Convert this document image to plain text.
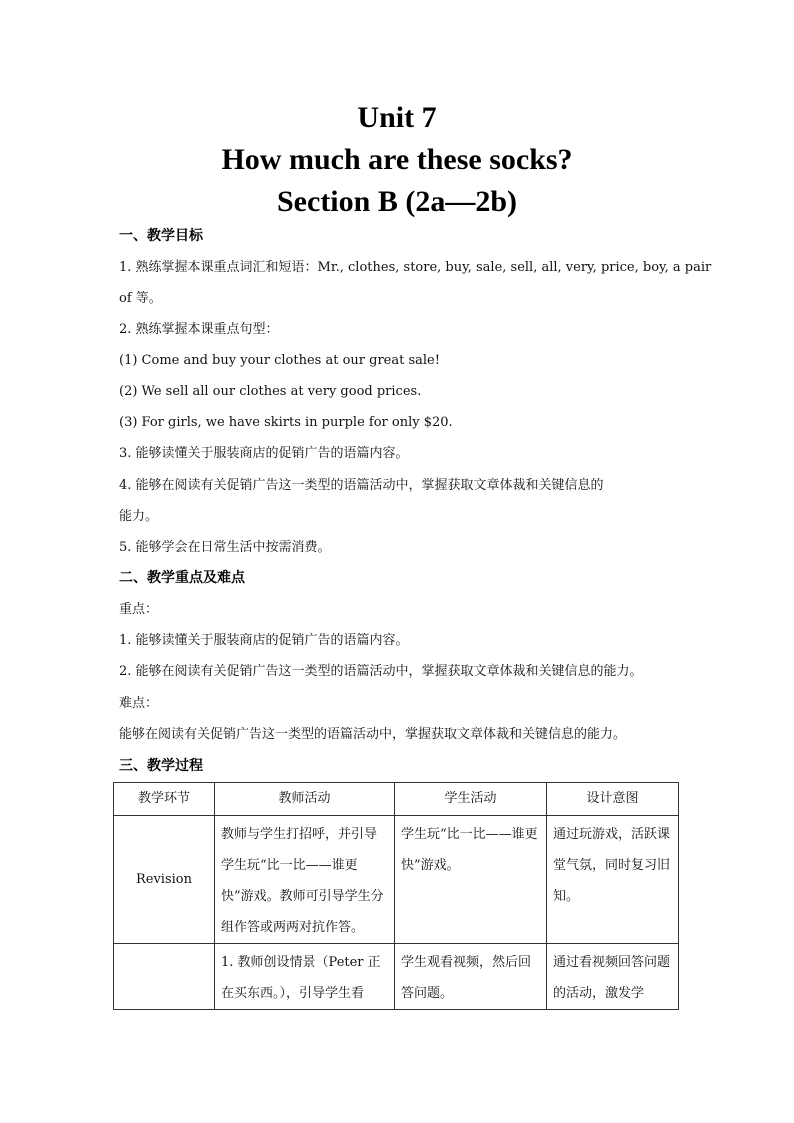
Unit 7
How much are these socks?
Section B (2a—2b)
一、教学目标
1. 熟练掌握本课重点词汇和短语：Mr., clothes, store, buy, sale, sell, all, very, price, boy, a pair
of 等。
2. 熟练掌握本课重点句型：
(1) Come and buy your clothes at our great sale!
(2) We sell all our clothes at very good prices.
(3) For girls, we have skirts in purple for only $20.
3. 能够读懂关于服装商店的促销广告的语篇内容。
4. 能够在阅读有关促销广告这一类型的语篇活动中，掌握获取文章体裁和关键信息的
能力。
5. 能够学会在日常生活中按需消费。
二、教学重点及难点
重点：
1. 能够读懂关于服装商店的促销广告的语篇内容。
2. 能够在阅读有关促销广告这一类型的语篇活动中，掌握获取文章体裁和关键信息的能力。
难点：
能够在阅读有关促销广告这一类型的语篇活动中，掌握获取文章体裁和关键信息的能力。
三、教学过程
教学环节	教师活动	学生活动	设计意图
Revision	教师与学生打招呼，并引导学生玩“比一比——谁更快”游戏。教师可引导学生分组作答或两两对抗作答。	学生玩“比一比——谁更快”游戏。	通过玩游戏，活跃课堂气氛，同时复习旧知。

	1. 教师创设情景（Peter 正在买东西。），引导学生看	学生观看视频，然后回答问题。	通过看视频回答问题的活动，激发学
